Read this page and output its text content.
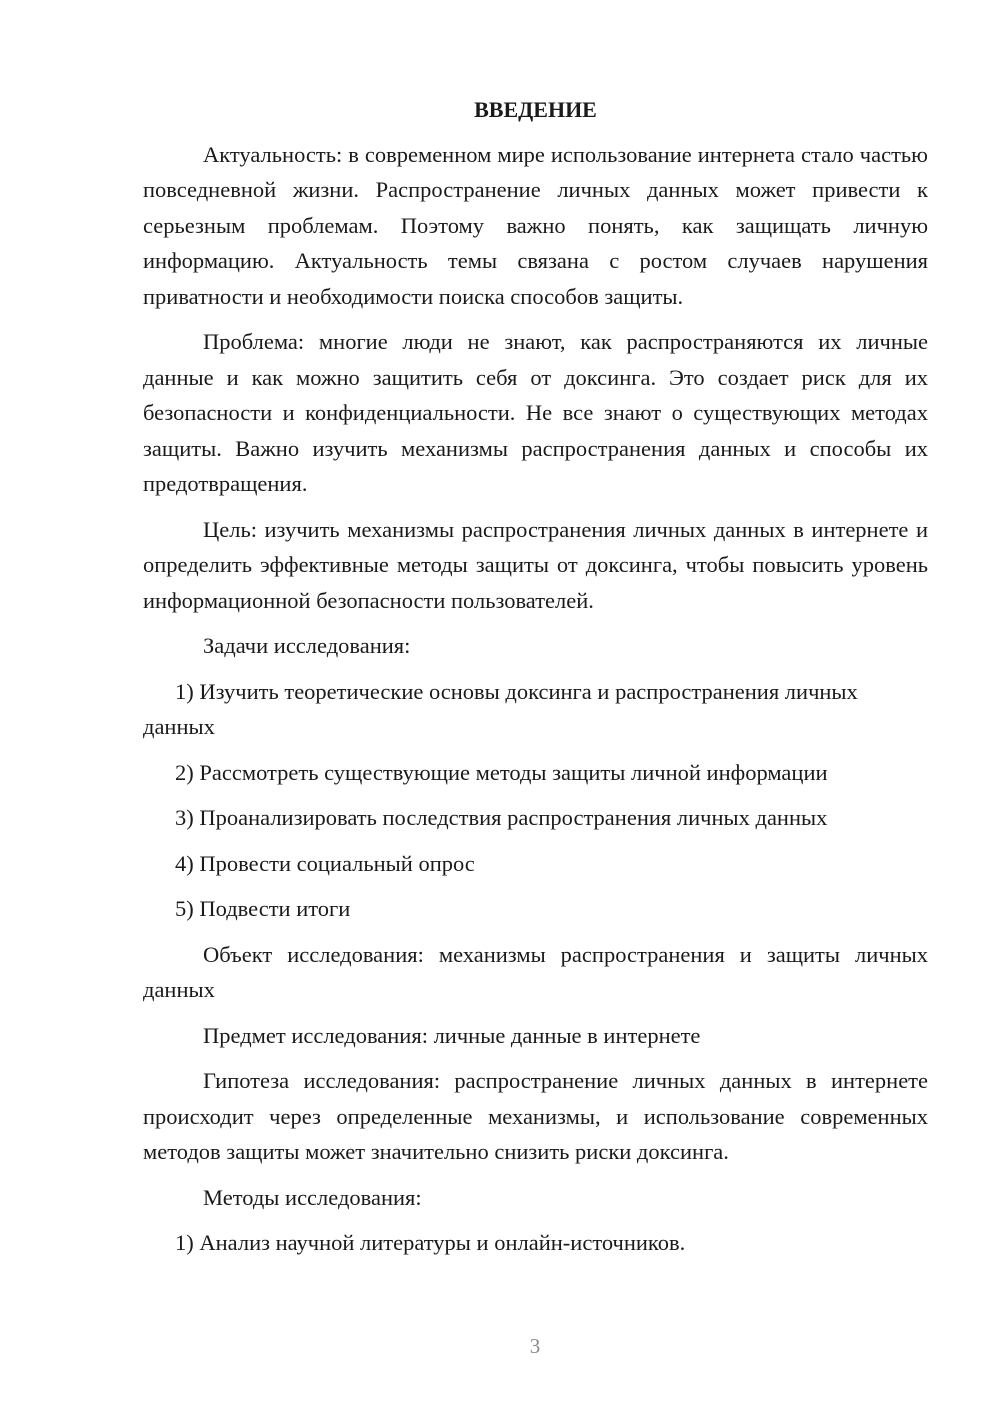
ВВЕДЕНИЕ

Актуальность: в современном мире использование интернета стало частью повседневной жизни. Распространение личных данных может привести к серьезным проблемам. Поэтому важно понять, как защищать личную информацию. Актуальность темы связана с ростом случаев нарушения приватности и необходимости поиска способов защиты.

Проблема: многие люди не знают, как распространяются их личные данные и как можно защитить себя от доксинга. Это создает риск для их безопасности и конфиденциальности. Не все знают о существующих методах защиты. Важно изучить механизмы распространения данных и способы их предотвращения.

Цель: изучить механизмы распространения личных данных в интернете и определить эффективные методы защиты от доксинга, чтобы повысить уровень информационной безопасности пользователей.

Задачи исследования:

1) Изучить теоретические основы доксинга и распространения личных данных

2) Рассмотреть существующие методы защиты личной информации

3) Проанализировать последствия распространения личных данных

4) Провести социальный опрос

5) Подвести итоги

Объект исследования: механизмы распространения и защиты личных данных

Предмет исследования: личные данные в интернете

Гипотеза исследования: распространение личных данных в интернете происходит через определенные механизмы, и использование современных методов защиты может значительно снизить риски доксинга.

Методы исследования:

1) Анализ научной литературы и онлайн-источников.

3
